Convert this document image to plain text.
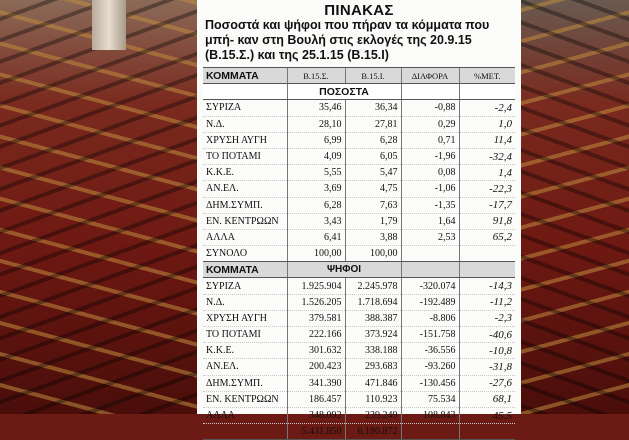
ΠΙΝΑΚΑΣ
Ποσοστά και ψήφοι που πήραν τα κόμματα που μπή- καν στη Βουλή στις εκλογές της 20.9.15 (Β.15.Σ.) και της 25.1.15 (Β.15.Ι)
ΚΟΜΜΑΤΑ	Β.15.Σ.	Β.15.Ι.	ΔΙΑΦΟΡΑ	%ΜΕΤ.
	ΠΟΣΟΣΤΑ			
ΣΥΡΙΖΑ	35,46	36,34	-0,88	-2,4
Ν.Δ.	28,10	27,81	0,29	1,0
ΧΡΥΣΗ ΑΥΓΗ	6,99	6,28	0,71	11,4
ΤΟ ΠΟΤΑΜΙ	4,09	6,05	-1,96	-32,4
Κ.Κ.Ε.	5,55	5,47	0,08	1,4
ΑΝ.ΕΛ.	3,69	4,75	-1,06	-22,3
ΔΗΜ.ΣΥΜΠ.	6,28	7,63	-1,35	-17,7
ΕΝ. ΚΕΝΤΡΩΩΝ	3,43	1,79	1,64	91,8
ΑΛΛΑ	6,41	3,88	2,53	65,2
ΣΥΝΟΛΟ	100,00	100,00		
ΚΟΜΜΑΤΑ	ΨΗΦΟΙ			
ΣΥΡΙΖΑ	1.925.904	2.245.978	-320.074	-14,3
Ν.Δ.	1.526.205	1.718.694	-192.489	-11,2
ΧΡΥΣΗ ΑΥΓΗ	379.581	388.387	-8.806	-2,3
ΤΟ ΠΟΤΑΜΙ	222.166	373.924	-151.758	-40,6
Κ.Κ.Ε.	301.632	338.188	-36.556	-10,8
ΑΝ.ΕΛ.	200.423	293.683	-93.260	-31,8
ΔΗΜ.ΣΥΜΠ.	341.390	471.846	-130.456	-27,6
ΕΝ. ΚΕΝΤΡΩΩΝ	186.457	110.923	75.534	68,1
ΑΛΛΑ	348.092	239.249	108.843	45,5
	5.431.850	6.180.872		
